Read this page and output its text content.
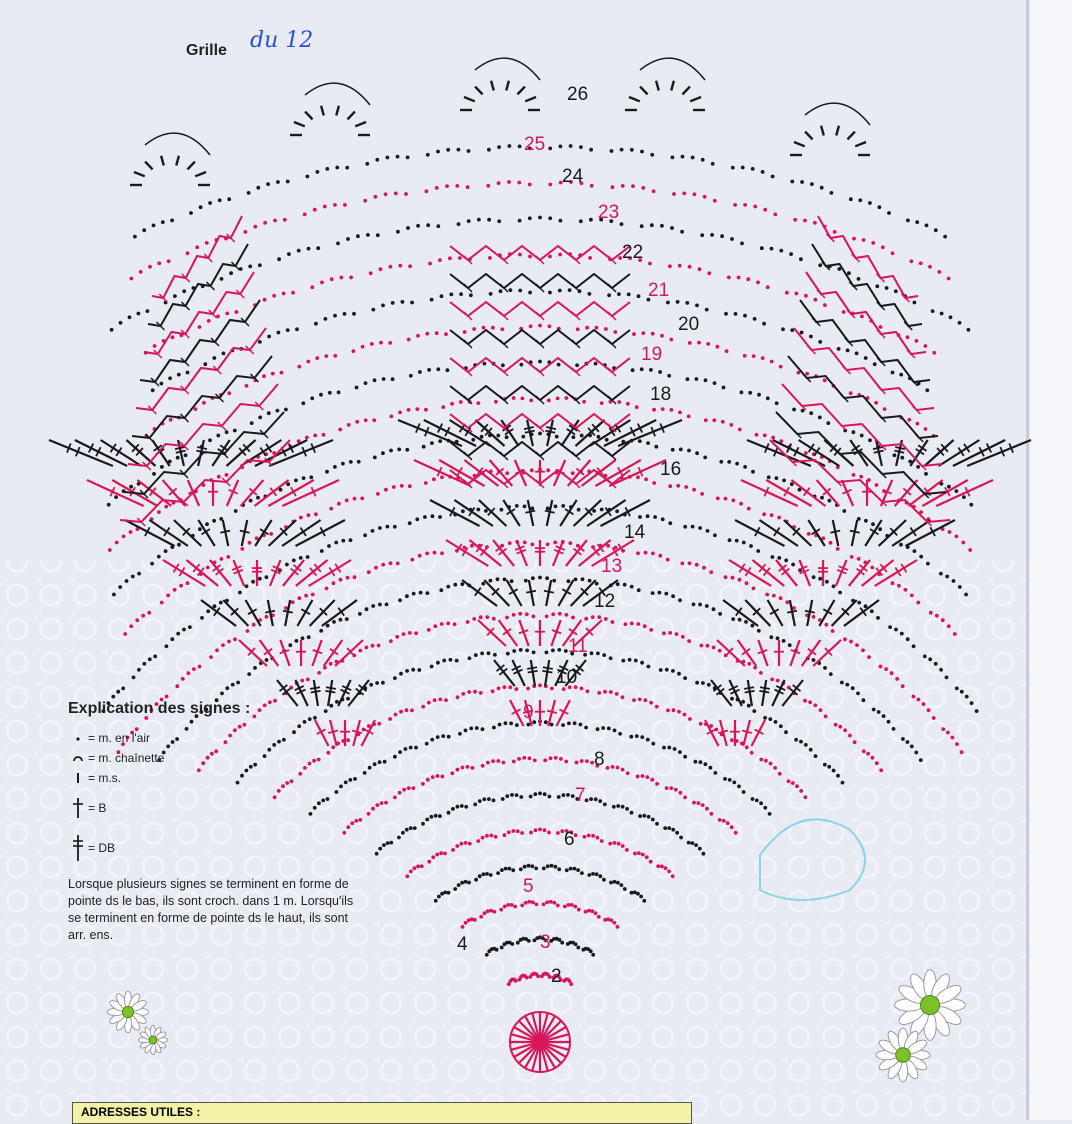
Grille du 12
2
3
4
5
6
7
8
9
10
11
12
13
14
16
18
19
20
21
22
23
24
25
26
Explication des signes :
= m. en l'air
= m. chaînette
= m.s.
= B
= DB
Lorsque plusieurs signes se terminent en forme de pointe ds le bas, ils sont croch. dans 1 m. Lorsqu'ils se terminent en forme de pointe ds le haut, ils sont arr. ens.
ADRESSES UTILES :
